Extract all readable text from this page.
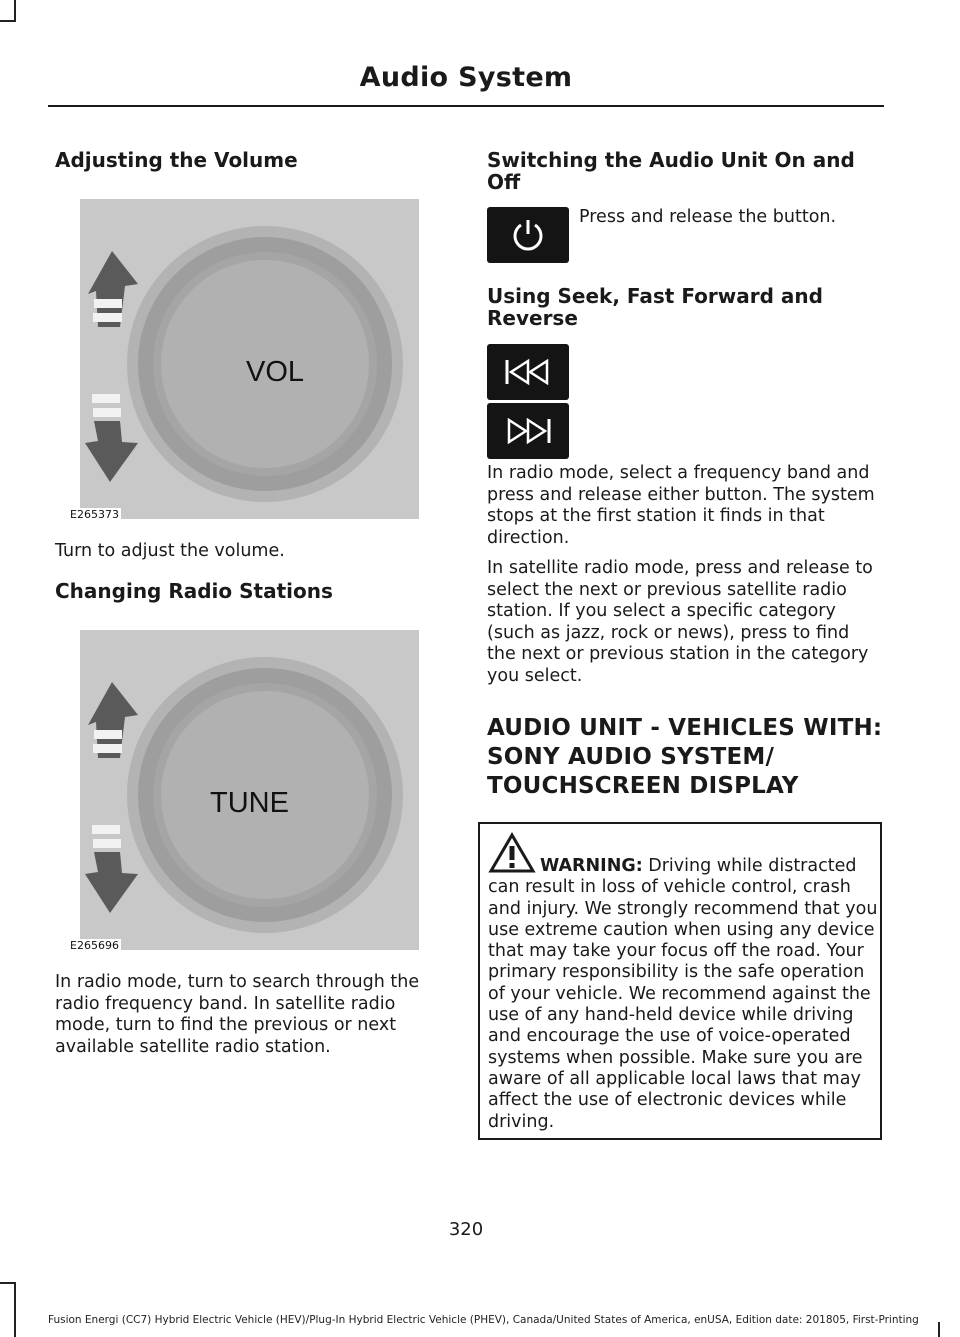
Audio System
Adjusting the Volume
VOL
E265373

Turn to adjust the volume.

Changing Radio Stations
TUNE
E265696

In radio mode, turn to search through the radio frequency band. In satellite radio mode, turn to find the previous or next available satellite radio station.

Switching the Audio Unit On and Off

Press and release the button.

Using Seek, Fast Forward and Reverse

In radio mode, select a frequency band and press and release either button. The system stops at the first station it finds in that direction.

In satellite radio mode, press and release to select the next or previous satellite radio station. If you select a specific category (such as jazz, rock or news), press to find the next or previous station in the category you select.

AUDIO UNIT - VEHICLES WITH:
SONY AUDIO SYSTEM/
TOUCHSCREEN DISPLAY

WARNING: Driving while distracted can result in loss of vehicle control, crash and injury. We strongly recommend that you use extreme caution when using any device that may take your focus off the road. Your primary responsibility is the safe operation of your vehicle. We recommend against the use of any hand-held device while driving and encourage the use of voice-operated systems when possible. Make sure you are aware of all applicable local laws that may affect the use of electronic devices while driving.

320
Fusion Energi (CC7) Hybrid Electric Vehicle (HEV)/Plug-In Hybrid Electric Vehicle (PHEV), Canada/United States of America, enUSA, Edition date: 201805, First-Printing
